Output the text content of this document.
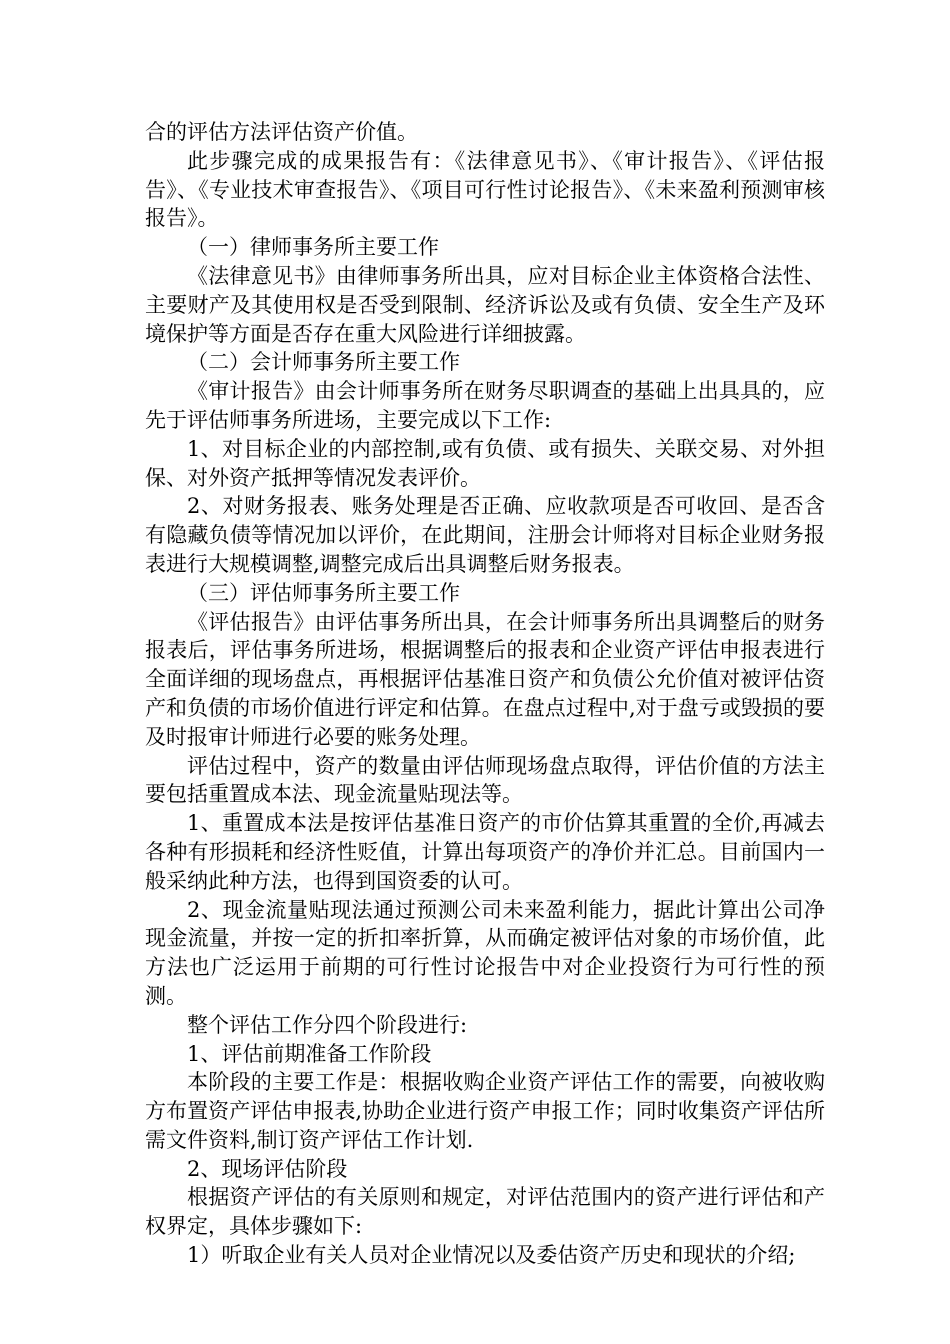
合的评估方法评估资产价值。

此步骤完成的成果报告有：《法律意见书》、《审计报告》、《评估报告》、《专业技术审查报告》、《项目可行性讨论报告》、《未来盈利预测审核报告》。

（一）律师事务所主要工作

《法律意见书》由律师事务所出具，应对目标企业主体资格合法性、主要财产及其使用权是否受到限制、经济诉讼及或有负债、安全生产及环境保护等方面是否存在重大风险进行详细披露。

（二）会计师事务所主要工作

《审计报告》由会计师事务所在财务尽职调查的基础上出具具的，应先于评估师事务所进场，主要完成以下工作:

1、对目标企业的内部控制,或有负债、或有损失、关联交易、对外担保、对外资产抵押等情况发表评价。

2、对财务报表、账务处理是否正确、应收款项是否可收回、是否含有隐藏负债等情况加以评价，在此期间，注册会计师将对目标企业财务报表进行大规模调整,调整完成后出具调整后财务报表。

（三）评估师事务所主要工作

《评估报告》由评估事务所出具，在会计师事务所出具调整后的财务报表后，评估事务所进场，根据调整后的报表和企业资产评估申报表进行全面详细的现场盘点，再根据评估基准日资产和负债公允价值对被评估资产和负债的市场价值进行评定和估算。在盘点过程中,对于盘亏或毁损的要及时报审计师进行必要的账务处理。

评估过程中，资产的数量由评估师现场盘点取得，评估价值的方法主要包括重置成本法、现金流量贴现法等。

1、重置成本法是按评估基准日资产的市价估算其重置的全价,再减去各种有形损耗和经济性贬值，计算出每项资产的净价并汇总。目前国内一般采纳此种方法，也得到国资委的认可。

2、现金流量贴现法通过预测公司未来盈利能力，据此计算出公司净现金流量，并按一定的折扣率折算，从而确定被评估对象的市场价值，此方法也广泛运用于前期的可行性讨论报告中对企业投资行为可行性的预测。

整个评估工作分四个阶段进行:

1、评估前期准备工作阶段

本阶段的主要工作是：根据收购企业资产评估工作的需要，向被收购方布置资产评估申报表,协助企业进行资产申报工作；同时收集资产评估所需文件资料,制订资产评估工作计划.

2、现场评估阶段

根据资产评估的有关原则和规定，对评估范围内的资产进行评估和产权界定，具体步骤如下:

1）听取企业有关人员对企业情况以及委估资产历史和现状的介绍;
